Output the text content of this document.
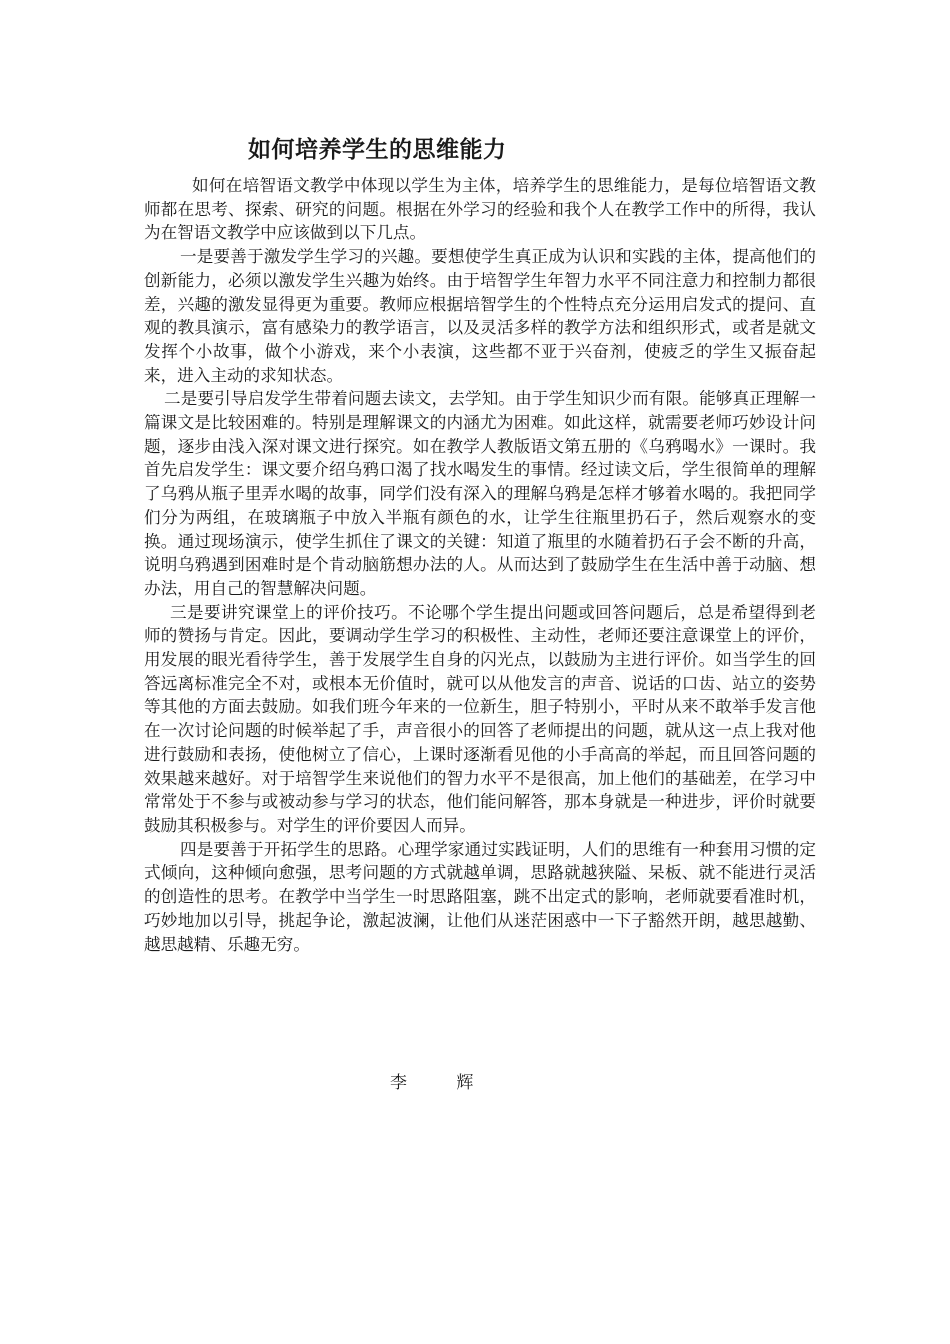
如何培养学生的思维能力

如何在培智语文教学中体现以学生为主体，培养学生的思维能力，是每位培智语文教师都在思考、探索、研究的问题。根据在外学习的经验和我个人在教学工作中的所得，我认为在智语文教学中应该做到以下几点。

一是要善于激发学生学习的兴趣。要想使学生真正成为认识和实践的主体，提高他们的创新能力，必须以激发学生兴趣为始终。由于培智学生年智力水平不同注意力和控制力都很差，兴趣的激发显得更为重要。教师应根据培智学生的个性特点充分运用启发式的提问、直观的教具演示，富有感染力的教学语言，以及灵活多样的教学方法和组织形式，或者是就文发挥个小故事，做个小游戏，来个小表演，这些都不亚于兴奋剂，使疲乏的学生又振奋起来，进入主动的求知状态。

二是要引导启发学生带着问题去读文，去学知。由于学生知识少而有限。能够真正理解一篇课文是比较困难的。特别是理解课文的内涵尤为困难。如此这样，就需要老师巧妙设计问题，逐步由浅入深对课文进行探究。如在教学人教版语文第五册的《乌鸦喝水》一课时。我首先启发学生：课文要介绍乌鸦口渴了找水喝发生的事情。经过读文后，学生很简单的理解了乌鸦从瓶子里弄水喝的故事，同学们没有深入的理解乌鸦是怎样才够着水喝的。我把同学们分为两组，在玻璃瓶子中放入半瓶有颜色的水，让学生往瓶里扔石子，然后观察水的变换。通过现场演示，使学生抓住了课文的关键：知道了瓶里的水随着扔石子会不断的升高，说明乌鸦遇到困难时是个肯动脑筋想办法的人。从而达到了鼓励学生在生活中善于动脑、想办法，用自己的智慧解决问题。

三是要讲究课堂上的评价技巧。不论哪个学生提出问题或回答问题后，总是希望得到老师的赞扬与肯定。因此，要调动学生学习的积极性、主动性，老师还要注意课堂上的评价，用发展的眼光看待学生，善于发展学生自身的闪光点，以鼓励为主进行评价。如当学生的回答远离标准完全不对，或根本无价值时，就可以从他发言的声音、说话的口齿、站立的姿势等其他的方面去鼓励。如我们班今年来的一位新生，胆子特别小，平时从来不敢举手发言他在一次讨论问题的时候举起了手，声音很小的回答了老师提出的问题，就从这一点上我对他进行鼓励和表扬，使他树立了信心，上课时逐渐看见他的小手高高的举起，而且回答问题的效果越来越好。对于培智学生来说他们的智力水平不是很高，加上他们的基础差，在学习中常常处于不参与或被动参与学习的状态，他们能问解答，那本身就是一种进步，评价时就要鼓励其积极参与。对学生的评价要因人而异。

四是要善于开拓学生的思路。心理学家通过实践证明，人们的思维有一种套用习惯的定式倾向，这种倾向愈强，思考问题的方式就越单调，思路就越狭隘、呆板、就不能进行灵活的创造性的思考。在教学中当学生一时思路阻塞，跳不出定式的影响，老师就要看准时机，巧妙地加以引导，挑起争论，激起波澜，让他们从迷茫困惑中一下子豁然开朗，越思越勤、越思越精、乐趣无穷。

李 辉
